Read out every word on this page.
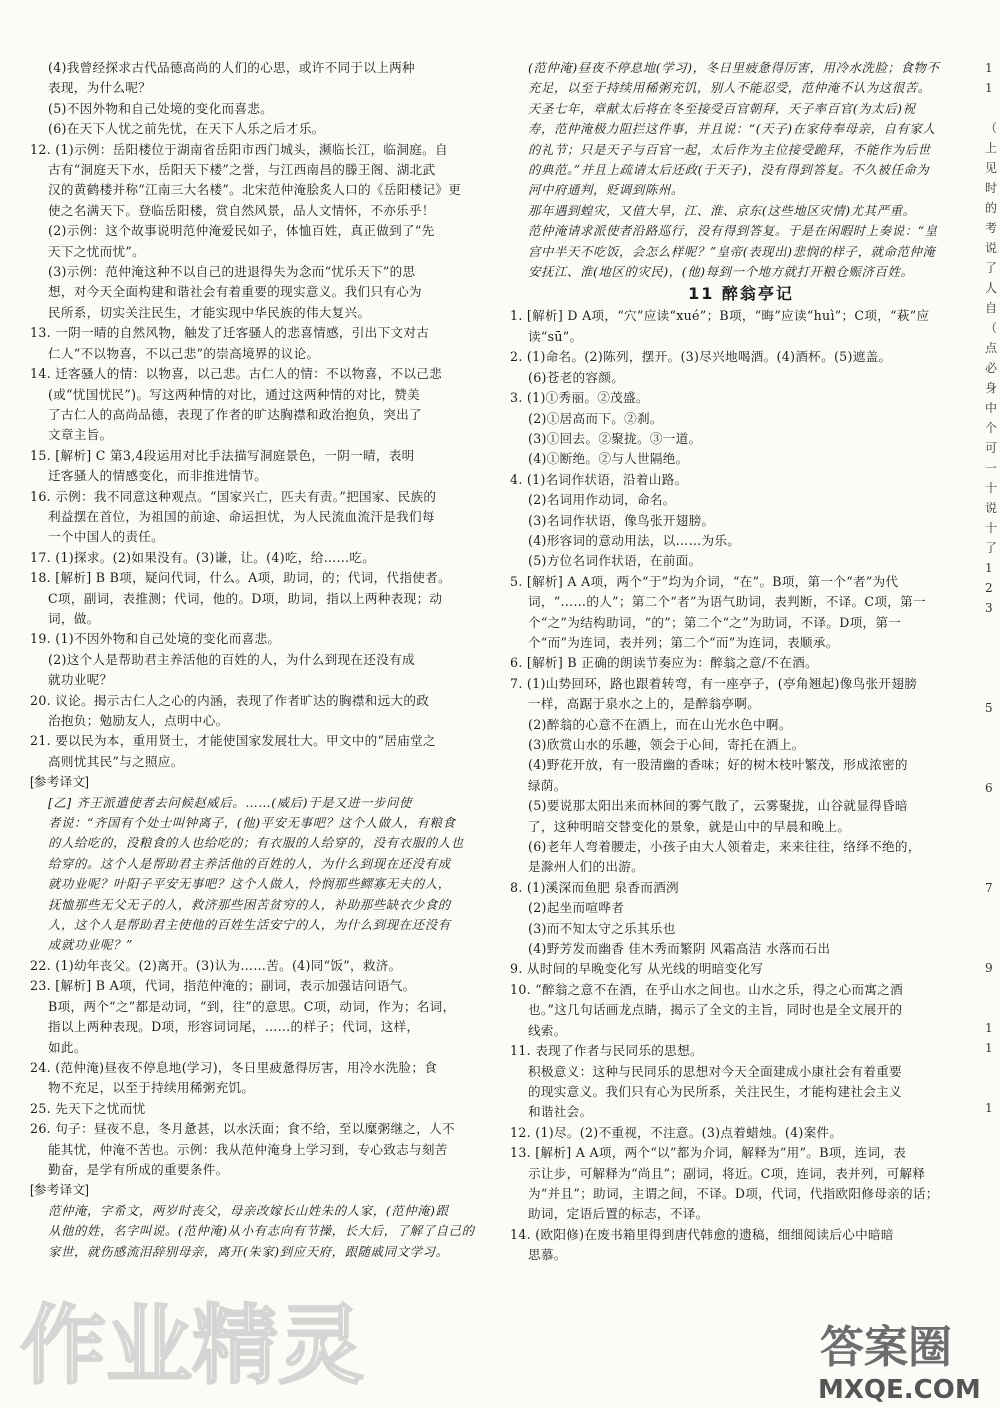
(4)我曾经探求古代品德高尚的人们的心思，或许不同于以上两种

表现，为什么呢？

(5)不因外物和自己处境的变化而喜悲。

(6)在天下人忧之前先忧，在天下人乐之后才乐。

12. (1)示例：岳阳楼位于湖南省岳阳市西门城头，濒临长江，临洞庭。自

古有“洞庭天下水，岳阳天下楼”之誉，与江西南昌的滕王阁、湖北武

汉的黄鹤楼并称“江南三大名楼”。北宋范仲淹脍炙人口的《岳阳楼记》更

使之名满天下。登临岳阳楼，赏自然风景，品人文情怀，不亦乐乎！

(2)示例：这个故事说明范仲淹爱民如子，体恤百姓，真正做到了“先

天下之忧而忧”。

(3)示例：范仲淹这种不以自己的进退得失为念而“忧乐天下”的思

想，对今天全面构建和谐社会有着重要的现实意义。我们只有心为

民所系，切实关注民生，才能实现中华民族的伟大复兴。

13. 一阴一晴的自然风物，触发了迁客骚人的悲喜情感，引出下文对古

仁人“不以物喜，不以己悲”的崇高境界的议论。

14. 迁客骚人的情：以物喜，以己悲。古仁人的情：不以物喜，不以己悲

(或“忧国忧民”)。写这两种情的对比，通过这两种情的对比，赞美

了古仁人的高尚品德，表现了作者的旷达胸襟和政治抱负，突出了

文章主旨。

15. [解析] C 第3,4段运用对比手法描写洞庭景色，一阴一晴，表明

迁客骚人的情感变化，而非推进情节。

16. 示例：我不同意这种观点。“国家兴亡，匹夫有责。”把国家、民族的

利益摆在首位，为祖国的前途、命运担忧，为人民流血流汗是我们每

一个中国人的责任。

17. (1)探求。(2)如果没有。(3)谦，让。(4)吃，给……吃。

18. [解析] B B项，疑问代词，什么。A项，助词，的；代词，代指使者。

C项，副词，表推测；代词，他的。D项，助词，指以上两种表现；动

词，做。

19. (1)不因外物和自己处境的变化而喜悲。

(2)这个人是帮助君主养活他的百姓的人，为什么到现在还没有成

就功业呢？

20. 议论。揭示古仁人之心的内涵，表现了作者旷达的胸襟和远大的政

治抱负；勉励友人，点明中心。

21. 要以民为本，重用贤士，才能使国家发展壮大。甲文中的“居庙堂之

高则忧其民”与之照应。

[参考译文]

[乙] 齐王派遣使者去问候赵威后。……(威后)于是又进一步问使

者说：“齐国有个处士叫钟离子，(他)平安无事吧？这个人做人，有粮食

的人给吃的，没粮食的人也给吃的；有衣服的人给穿的，没有衣服的人也

给穿的。这个人是帮助君主养活他的百姓的人，为什么到现在还没有成

就功业呢？叶阳子平安无事吧？这个人做人，怜悯那些鳏寡无夫的人，

抚恤那些无父无子的人，救济那些困苦贫穷的人，补助那些缺衣少食的

人，这个人是帮助君主使他的百姓生活安宁的人，为什么到现在还没有

成就功业呢？”

22. (1)幼年丧父。(2)离开。(3)认为……苦。(4)同“饭”，救济。

23. [解析] B A项，代词，指范仲淹的；副词，表示加强诘问语气。

B项，两个“之”都是动词，“到，往”的意思。C项，动词，作为；名词，

指以上两种表现。D项，形容词词尾，……的样子；代词，这样，

如此。

24. (范仲淹)昼夜不停息地(学习)，冬日里疲惫得厉害，用冷水洗脸；食

物不充足，以至于持续用稀粥充饥。

25. 先天下之忧而忧

26. 句子：昼夜不息，冬月惫甚，以水沃面；食不给，至以糜粥继之，人不

能其忧，仲淹不苦也。示例：我从范仲淹身上学习到，专心致志与刻苦

勤奋，是学有所成的重要条件。

[参考译文]

范仲淹，字希文，两岁时丧父，母亲改嫁长山姓朱的人家，(范仲淹)跟

从他的姓，名字叫说。(范仲淹)从小有志向有节操，长大后，了解了自己的

家世，就伤感流泪辞别母亲，离开(朱家)到应天府，跟随戚同文学习。

(范仲淹)昼夜不停息地(学习)，冬日里疲惫得厉害，用冷水洗脸；食物不

充足，以至于持续用稀粥充饥，别人不能忍受，范仲淹不认为这很苦。

天圣七年，章献太后将在冬至接受百官朝拜，天子率百官(为太后)祝

寿，范仲淹极力阻拦这件事，并且说：“(天子)在家侍奉母亲，自有家人

的礼节；只是天子与百官一起，太后作为主位接受跪拜，不能作为后世

的典范。”并且上疏请太后还政(于天子)，没有得到答复。不久被任命为

河中府通判，贬调到陈州。

那年遇到蝗灾，又值大旱，江、淮、京东(这些地区灾情)尤其严重。

范仲淹请求派使者沿路巡行，没有得到答复。于是在闲暇时上奏说：“皇

宫中半天不吃饭，会怎么样呢？”皇帝(表现出)悲悯的样子，就命范仲淹

安抚江、淮(地区的灾民)，(他)每到一个地方就打开粮仓赈济百姓。

11 醉翁亭记

1. [解析] D A项，“穴”应读“xué”；B项，“晦”应读“huì”；C项，“萩”应

读“sū”。

2. (1)命名。(2)陈列，摆开。(3)尽兴地喝酒。(4)酒杯。(5)遮盖。

(6)苍老的容颜。

3. (1)①秀丽。②茂盛。

(2)①居高而下。②刹。

(3)①回去。②聚拢。③一道。

(4)①断绝。②与人世隔绝。

4. (1)名词作状语，沿着山路。

(2)名词用作动词，命名。

(3)名词作状语，像鸟张开翅膀。

(4)形容词的意动用法，以……为乐。

(5)方位名词作状语，在前面。

5. [解析] A A项，两个“于”均为介词，“在”。B项，第一个“者”为代

词，“……的人”；第二个“者”为语气助词，表判断，不译。C项，第一

个“之”为结构助词，“的”；第二个“之”为助词，不译。D项，第一

个“而”为连词，表并列；第二个“而”为连词，表顺承。

6. [解析] B 正确的朗读节奏应为：醉翁之意/不在酒。

7. (1)山势回环，路也跟着转弯，有一座亭子，(亭角翘起)像鸟张开翅膀

一样，高踞于泉水之上的，是醉翁亭啊。

(2)醉翁的心意不在酒上，而在山光水色中啊。

(3)欣赏山水的乐趣，领会于心间，寄托在酒上。

(4)野花开放，有一股清幽的香味；好的树木枝叶繁茂，形成浓密的

绿荫。

(5)要说那太阳出来而林间的雾气散了，云雾聚拢，山谷就显得昏暗

了，这种明暗交替变化的景象，就是山中的早晨和晚上。

(6)老年人弯着腰走，小孩子由大人领着走，来来往往，络绎不绝的，

是滁州人们的出游。

8. (1)溪深而鱼肥 泉香而酒洌

(2)起坐而喧哗者

(3)而不知太守之乐其乐也

(4)野芳发而幽香 佳木秀而繁阴 风霜高洁 水落而石出

9. 从时间的早晚变化写 从光线的明暗变化写

10. “醉翁之意不在酒，在乎山水之间也。山水之乐，得之心而寓之酒

也。”这几句话画龙点睛，揭示了全文的主旨，同时也是全文展开的

线索。

11. 表现了作者与民同乐的思想。

积极意义：这种与民同乐的思想对今天全面建成小康社会有着重要

的现实意义。我们只有心为民所系，关注民生，才能构建社会主义

和谐社会。

12. (1)尽。(2)不重视，不注意。(3)点着蜡烛。(4)案件。

13. [解析] A A项，两个“以”都为介词，解释为“用”。B项，连词，表

示让步，可解释为“尚且”；副词，将近。C项，连词，表并列，可解释

为“并且”；助词，主谓之间，不译。D项，代词，代指欧阳修母亲的话；

助词，定语后置的标志，不译。

14. (欧阳修)在废书箱里得到唐代韩愈的遗稿，细细阅读后心中暗暗

思慕。

1
1

（
上
见
时
的
考
说
了
人
自
（
点
必
身
中
个
可
一
十
说
十
了
1
2
3

5

6

7

9

1
1

1
作业精灵	答案圈
MXQE.COM
